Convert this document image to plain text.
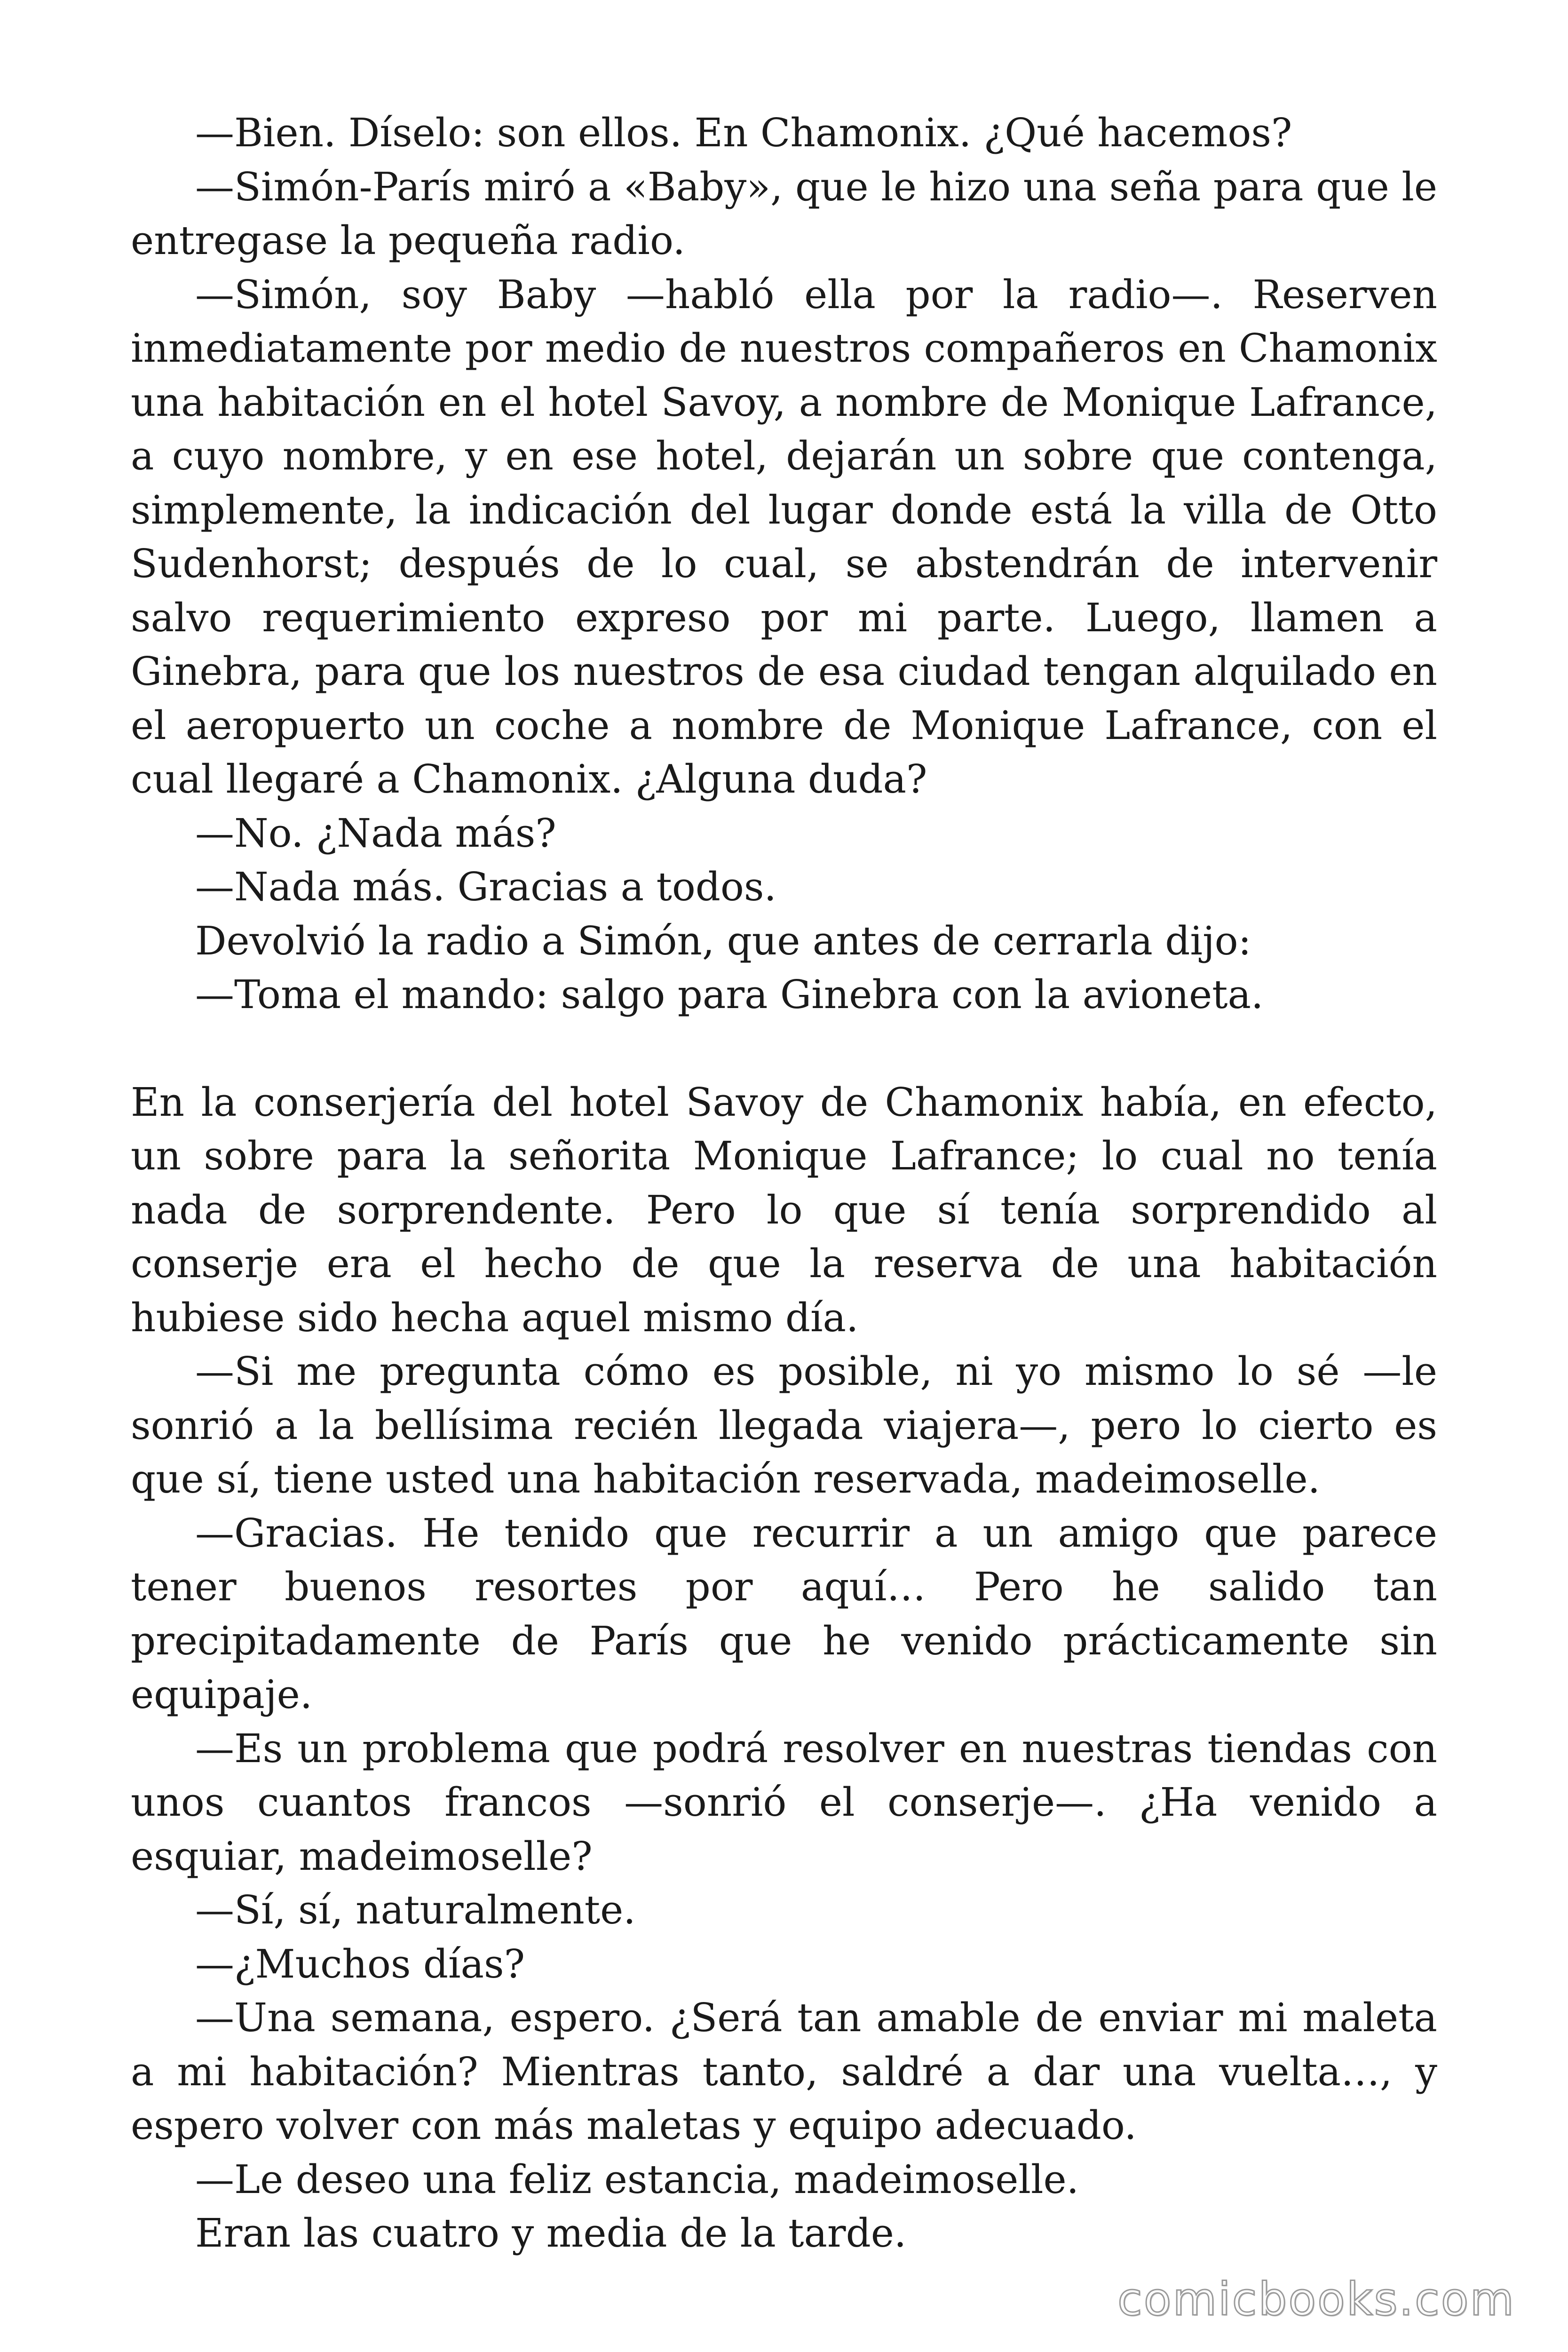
—Bien. Díselo: son ellos. En Chamonix. ¿Qué hacemos?

—Simón-París miró a «Baby», que le hizo una seña para que le entregase la pequeña radio.

—Simón, soy Baby —habló ella por la radio—. Reserven inmediatamente por medio de nuestros compañeros en Chamonix una habitación en el hotel Savoy, a nombre de Monique Lafrance, a cuyo nombre, y en ese hotel, dejarán un sobre que contenga, simplemente, la indicación del lugar donde está la villa de Otto Sudenhorst; después de lo cual, se abstendrán de intervenir salvo requerimiento expreso por mi parte. Luego, llamen a Ginebra, para que los nuestros de esa ciudad tengan alquilado en el aeropuerto un coche a nombre de Monique Lafrance, con el cual llegaré a Chamonix. ¿Alguna duda?

—No. ¿Nada más?

—Nada más. Gracias a todos.

Devolvió la radio a Simón, que antes de cerrarla dijo:

—Toma el mando: salgo para Ginebra con la avioneta.

En la conserjería del hotel Savoy de Chamonix había, en efecto, un sobre para la señorita Monique Lafrance; lo cual no tenía nada de sorprendente. Pero lo que sí tenía sorprendido al conserje era el hecho de que la reserva de una habitación hubiese sido hecha aquel mismo día.

—Si me pregunta cómo es posible, ni yo mismo lo sé —le sonrió a la bellísima recién llegada viajera—, pero lo cierto es que sí, tiene usted una habitación reservada, madeimoselle.

—Gracias. He tenido que recurrir a un amigo que parece tener buenos resortes por aquí… Pero he salido tan precipitadamente de París que he venido prácticamente sin equipaje.

—Es un problema que podrá resolver en nuestras tiendas con unos cuantos francos —sonrió el conserje—. ¿Ha venido a esquiar, madeimoselle?

—Sí, sí, naturalmente.

—¿Muchos días?

—Una semana, espero. ¿Será tan amable de enviar mi maleta a mi habitación? Mientras tanto, saldré a dar una vuelta…, y espero volver con más maletas y equipo adecuado.

—Le deseo una feliz estancia, madeimoselle.

Eran las cuatro y media de la tarde.

comicbooks.com
